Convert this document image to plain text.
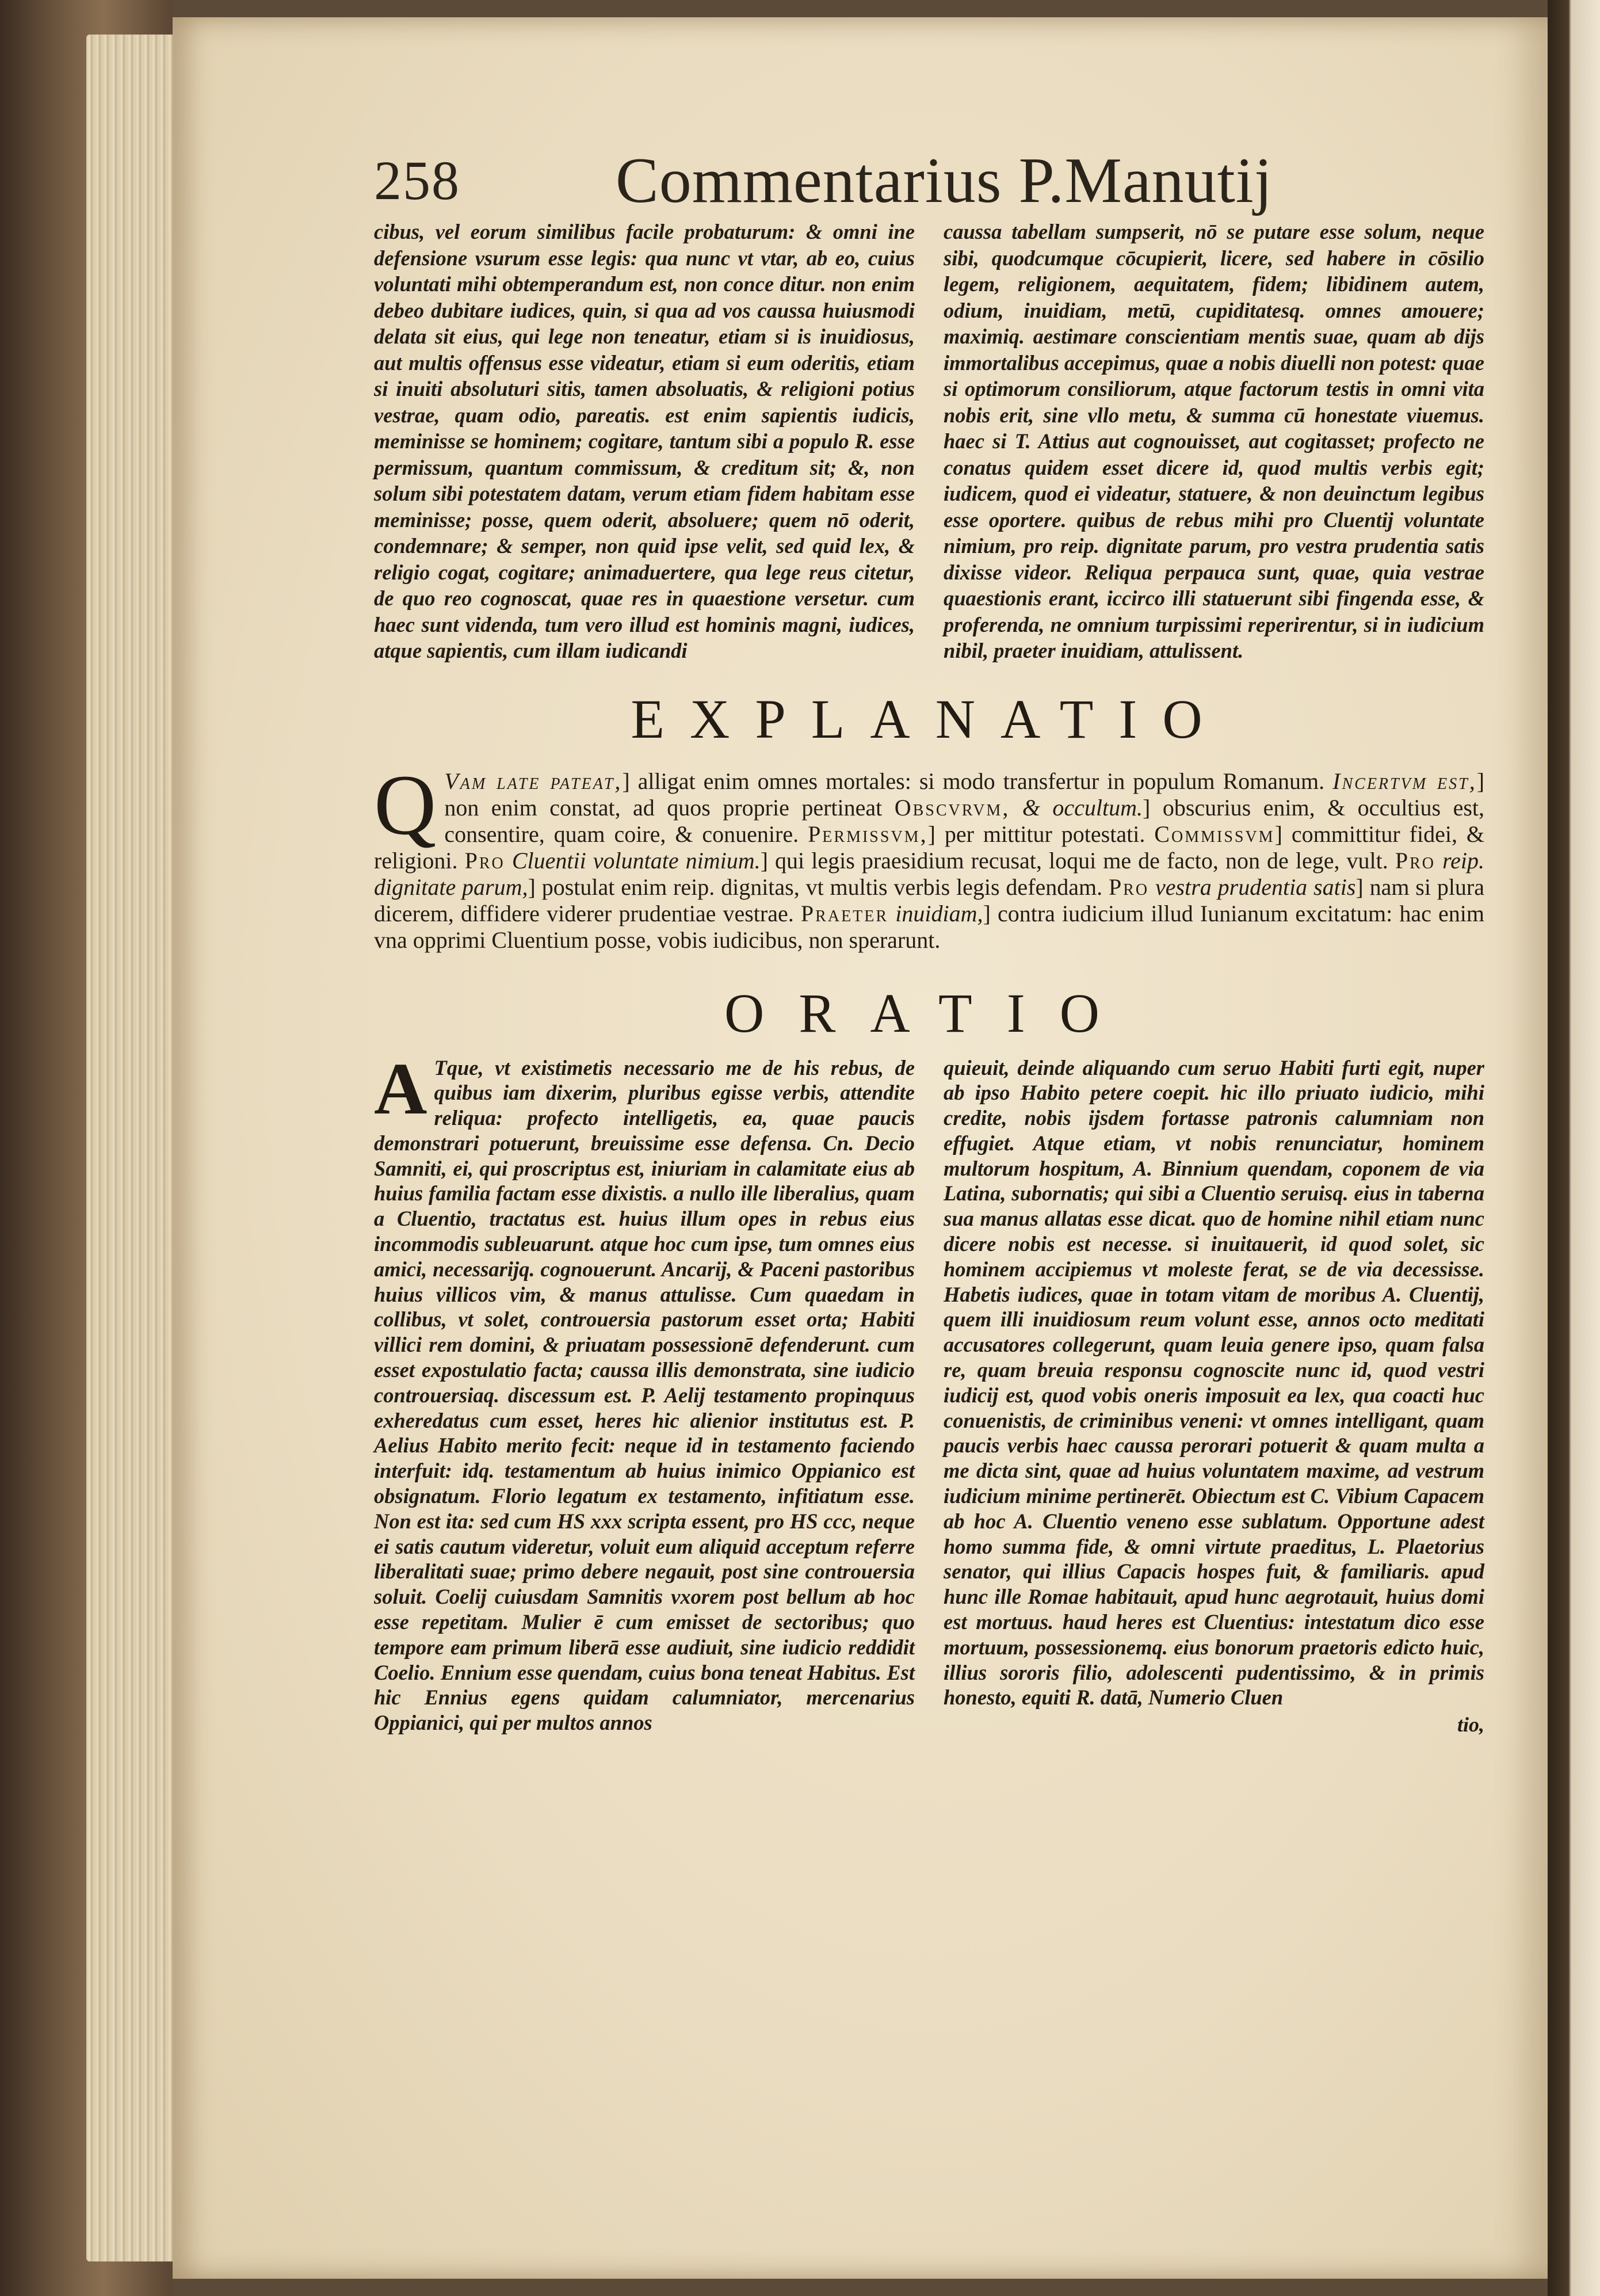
258 Commentarius P.Manutij

cibus, vel eorum similibus facile probaturum: & omni ine defensione vsurum esse legis: qua nunc vt vtar, ab eo, cuius voluntati mihi obtemperandum est, non conce ditur. non enim debeo dubitare iudices, quin, si qua ad vos caussa huiusmodi delata sit eius, qui lege non teneatur, etiam si is inuidiosus, aut multis offensus esse videatur, etiam si eum oderitis, etiam si inuiti absoluturi sitis, tamen absoluatis, & religioni potius vestrae, quam odio, pareatis. est enim sapientis iudicis, meminisse se hominem; cogitare, tantum sibi a populo R. esse permissum, quantum commissum, & creditum sit; &, non solum sibi potestatem datam, verum etiam fidem habitam esse meminisse; posse, quem oderit, absoluere; quem nō oderit, condemnare; & semper, non quid ipse velit, sed quid lex, & religio cogat, cogitare; animaduertere, qua lege reus citetur, de quo reo cognoscat, quae res in quaestione versetur. cum haec sunt videnda, tum vero illud est hominis magni, iudices, atque sapientis, cum illam iudicandi

caussa tabellam sumpserit, nō se putare esse solum, neque sibi, quodcumque cōcupierit, licere, sed habere in cōsilio legem, religionem, aequitatem, fidem; libidinem autem, odium, inuidiam, metū, cupiditatesq. omnes amouere; maximiq. aestimare conscientiam mentis suae, quam ab dijs immortalibus accepimus, quae a nobis diuelli non potest: quae si optimorum consiliorum, atque factorum testis in omni vita nobis erit, sine vllo metu, & summa cū honestate viuemus. haec si T. Attius aut cognouisset, aut cogitasset; profecto ne conatus quidem esset dicere id, quod multis verbis egit; iudicem, quod ei videatur, statuere, & non deuinctum legibus esse oportere. quibus de rebus mihi pro Cluentij voluntate nimium, pro reip. dignitate parum, pro vestra prudentia satis dixisse videor. Reliqua perpauca sunt, quae, quia vestrae quaestionis erant, iccirco illi statuerunt sibi fingenda esse, & proferenda, ne omnium turpissimi reperirentur, si in iudicium nibil, praeter inuidiam, attulissent.

EXPLANATIO
Q Vam late pateat,] alligat enim omnes mortales: si modo transfertur in populum Romanum. Incertvm est,] non enim constat, ad quos proprie pertineat Obscvrvm, & occultum.] obscurius enim, & occultius est, consentire, quam coire, & conuenire. Permissvm,] per mittitur potestati. Commissvm] committitur fidei, & religioni. Pro Cluentii voluntate nimium.] qui legis praesidium recusat, loqui me de facto, non de lege, vult. Pro reip. dignitate parum,] postulat enim reip. dignitas, vt multis verbis legis defendam. Pro vestra prudentia satis] nam si plura dicerem, diffidere viderer prudentiae vestrae. Praeter inuidiam,] contra iudicium illud Iunianum excitatum: hac enim vna opprimi Cluentium posse, vobis iudicibus, non sperarunt.
ORATIO

A Tque, vt existimetis necessario me de his rebus, de quibus iam dixerim, pluribus egisse verbis, attendite reliqua: profecto intelligetis, ea, quae paucis demonstrari potuerunt, breuissime esse defensa. Cn. Decio Samniti, ei, qui proscriptus est, iniuriam in calamitate eius ab huius familia factam esse dixistis. a nullo ille liberalius, quam a Cluentio, tractatus est. huius illum opes in rebus eius incommodis subleuarunt. atque hoc cum ipse, tum omnes eius amici, necessarijq. cognouerunt. Ancarij, & Paceni pastoribus huius villicos vim, & manus attulisse. Cum quaedam in collibus, vt solet, controuersia pastorum esset orta; Habiti villici rem domini, & priuatam possessionē defenderunt. cum esset expostulatio facta; caussa illis demonstrata, sine iudicio controuersiaq. discessum est. P. Aelij testamento propinquus exheredatus cum esset, heres hic alienior institutus est. P. Aelius Habito merito fecit: neque id in testamento faciendo interfuit: idq. testamentum ab huius inimico Oppianico est obsignatum. Florio legatum ex testamento, infitiatum esse. Non est ita: sed cum HS xxx scripta essent, pro HS ccc, neque ei satis cautum videretur, voluit eum aliquid acceptum referre liberalitati suae; primo debere negauit, post sine controuersia soluit. Coelij cuiusdam Samnitis vxorem post bellum ab hoc esse repetitam. Mulier ē cum emisset de sectoribus; quo tempore eam primum liberā esse audiuit, sine iudicio reddidit Coelio. Ennium esse quendam, cuius bona teneat Habitus. Est hic Ennius egens quidam calumniator, mercenarius Oppianici, qui per multos annos

quieuit, deinde aliquando cum seruo Habiti furti egit, nuper ab ipso Habito petere coepit. hic illo priuato iudicio, mihi credite, nobis ijsdem fortasse patronis calumniam non effugiet. Atque etiam, vt nobis renunciatur, hominem multorum hospitum, A. Binnium quendam, coponem de via Latina, subornatis; qui sibi a Cluentio seruisq. eius in taberna sua manus allatas esse dicat. quo de homine nihil etiam nunc dicere nobis est necesse. si inuitauerit, id quod solet, sic hominem accipiemus vt moleste ferat, se de via decessisse. Habetis iudices, quae in totam vitam de moribus A. Cluentij, quem illi inuidiosum reum volunt esse, annos octo meditati accusatores collegerunt, quam leuia genere ipso, quam falsa re, quam breuia responsu cognoscite nunc id, quod vestri iudicij est, quod vobis oneris imposuit ea lex, qua coacti huc conuenistis, de criminibus veneni: vt omnes intelligant, quam paucis verbis haec caussa perorari potuerit & quam multa a me dicta sint, quae ad huius voluntatem maxime, ad vestrum iudicium minime pertinerēt. Obiectum est C. Vibium Capacem ab hoc A. Cluentio veneno esse sublatum. Opportune adest homo summa fide, & omni virtute praeditus, L. Plaetorius senator, qui illius Capacis hospes fuit, & familiaris. apud hunc ille Romae habitauit, apud hunc aegrotauit, huius domi est mortuus. haud heres est Cluentius: intestatum dico esse mortuum, possessionemq. eius bonorum praetoris edicto huic, illius sororis filio, adolescenti pudentissimo, & in primis honesto, equiti R. datā, Numerio Cluen

tio,
